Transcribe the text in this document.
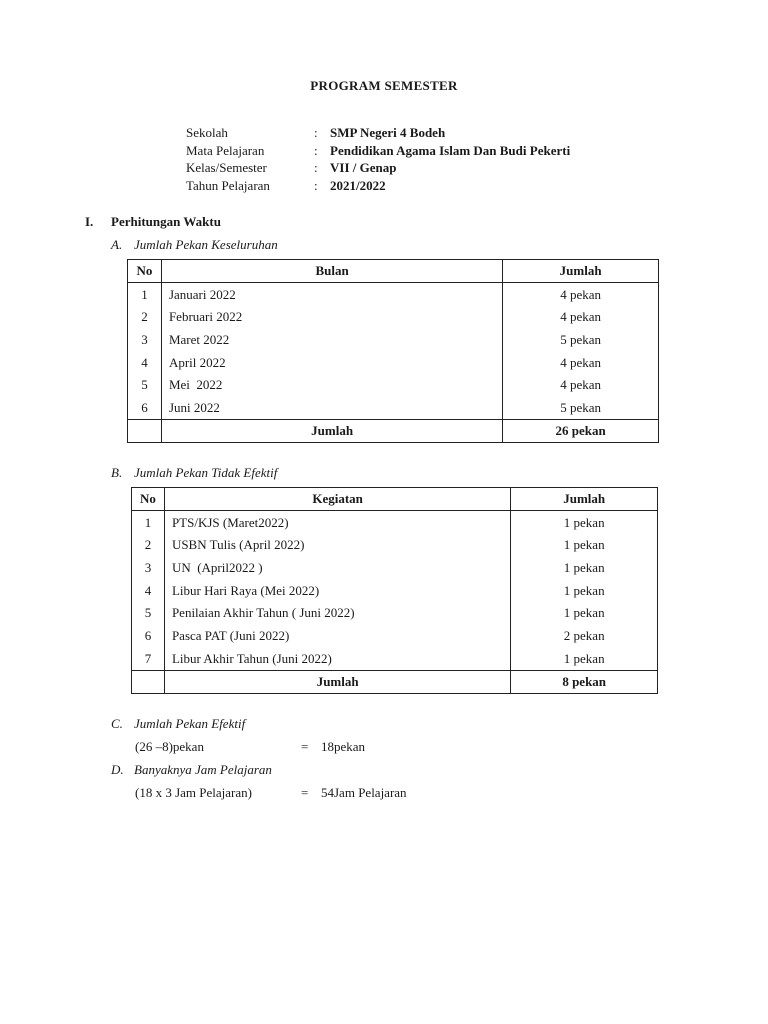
PROGRAM SEMESTER
Sekolah	: SMP Negeri 4 Bodeh
Mata Pelajaran	: Pendidikan Agama Islam Dan Budi Pekerti
Kelas/Semester	: VII / Genap
Tahun Pelajaran	: 2021/2022
I.	Perhitungan Waktu
A. Jumlah Pekan Keseluruhan
No	Bulan	Jumlah
1	Januari 2022	4 pekan
2	Februari 2022	4 pekan
3	Maret 2022	5 pekan
4	April 2022	4 pekan
5	Mei  2022	4 pekan
6	Juni 2022	5 pekan
	Jumlah	26 pekan
B. Jumlah Pekan Tidak Efektif
No	Kegiatan	Jumlah
1	PTS/KJS (Maret2022)	1 pekan
2	USBN Tulis (April 2022)	1 pekan
3	UN  (April2022 )	1 pekan
4	Libur Hari Raya (Mei 2022)	1 pekan
5	Penilaian Akhir Tahun ( Juni 2022)	1 pekan
6	Pasca PAT (Juni 2022)	2 pekan
7	Libur Akhir Tahun (Juni 2022)	1 pekan
	Jumlah	8 pekan
C. Jumlah Pekan Efektif
(26 –8)pekan	= 18pekan
D. Banyaknya Jam Pelajaran
(18 x 3 Jam Pelajaran)	= 54Jam Pelajaran
